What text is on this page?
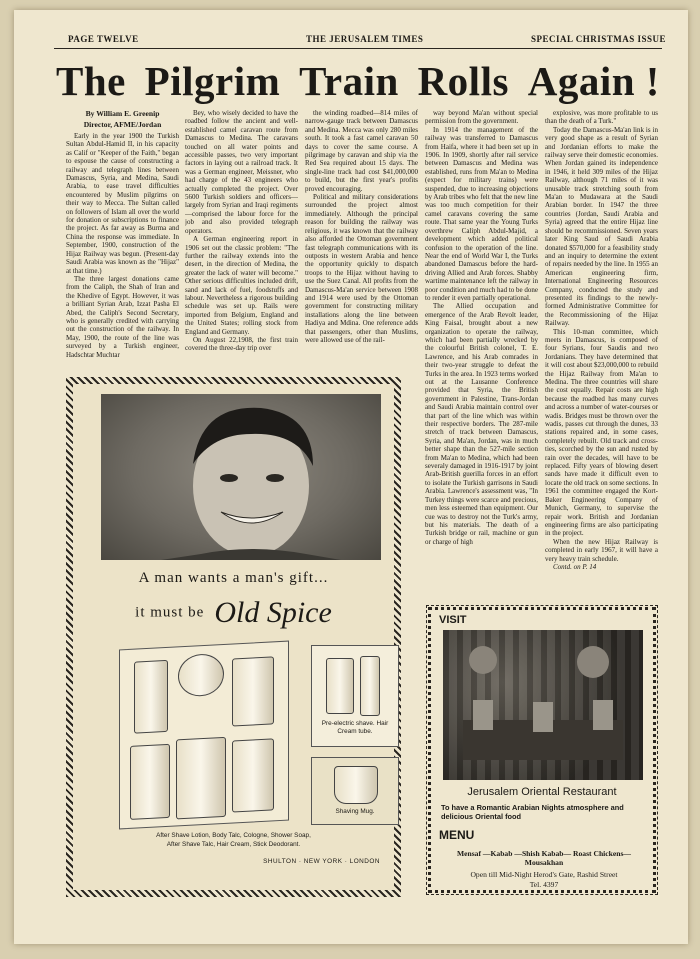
PAGE TWELVE	THE JERUSALEM TIMES	SPECIAL CHRISTMAS ISSUE
The Pilgrim Train Rolls Again !
By William E. Greenip
Director, AFME/Jordan

Early in the year 1900 the Turkish Sultan Abdul-Hamid II, in his capacity as Calif or "Keeper of the Faith," began to espouse the cause of constructing a railway and telegraph lines between Damascus, Syria, and Medina, Saudi Arabia, to ease travel difficulties encountered by Muslim pilgrims on their way to Mecca. The Sultan called on followers of Islam all over the world for donation or subscriptions to finance the project. As far away as Burma and China the response was immediate. In September, 1900, construction of the Hijaz Railway was begun. (Present-day Saudi Arabia was known as the "Hijaz" at that time.)

The three largest donations came from the Caliph, the Shah of Iran and the Khedive of Egypt. However, it was a brilliant Syrian Arab, Izzat Pasha El Abed, the Caliph's Second Secretary, who is generally credited with carrying out the construction of the railway. In May, 1900, the route of the line was surveyed by a Turkish engineer, Hadschtar Muchtar

Bey, who wisely decided to have the roadbed follow the ancient and well-established camel caravan route from Damascus to Medina. The caravans touched on all water points and accessible passes, two very important factors in laying out a railroad track. It was a German engineer, Meissner, who had charge of the 43 engineers who actually completed the project. Over 5600 Turkish soldiers and officers—largely from Syrian and Iraqi regiments—comprised the labour force for the job and also provided telegraph operators.

A German engineering report in 1906 set out the classic problem: "The further the railway extends into the desert, in the direction of Medina, the greater the lack of water will become." Other serious difficulties included drift, sand and lack of fuel, foodstuffs and labour. Nevertheless a rigorous building schedule was set up. Rails were imported from Belgium, England and the United States; rolling stock from England and Germany.

On August 22,1908, the first train covered the three-day trip over

the winding roadbed—814 miles of narrow-gauge track between Damascus and Medina. Mecca was only 280 miles south. It took a fast camel caravan 50 days to cover the same course. A pilgrimage by caravan and ship via the Red Sea required about 15 days. The single-line track had cost $41,000,000 to build, but the first year's profits proved encouraging.

Political and military considerations surrounded the project almost immediately. Although the principal reason for building the railway was religious, it was known that the railway also afforded the Ottoman government fast telegraph communications with its outposts in western Arabia and hence the opportunity quickly to dispatch troops to the Hijaz without having to use the Suez Canal. All profits from the Damascus-Ma'an service between 1908 and 1914 were used by the Ottoman government for constructing military installations along the line between Hadiya and Mdina. One reference adds that passengers, other than Muslims, were allowed use of the rail-

way beyond Ma'an without special permission from the government.

In 1914 the management of the railway was transferred to Damascus from Haifa, where it had been set up in 1906. In 1909, shortly after rail service between Damascus and Medina was established, runs from Ma'an to Medina (expect for military trains) were suspended, due to increasing objections by Arab tribes who felt that the new line was too much competition for their camel caravans covering the same route. That same year the Young Turks overthrew Caliph Abdul-Majid, a development which added political confusion to the operation of the line. Near the end of World War I, the Turks abandoned Damascus before the hard-driving Allied and Arab forces. Shabby wartime maintenance left the railway in poor condition and much had to be done to render it even partially operational.

The Allied occupation and emergence of the Arab Revolt leader, King Faisal, brought about a new organization to operate the railway, which had been partially wrecked by the colourful British colonel, T. E. Lawrence, and his Arab comrades in their two-year struggle to defeat the Turks in the area. In 1923 terms worked out at the Lausanne Conference provided that Syria, the British government in Palestine, Trans-Jordan and Saudi Arabia maintain control over that part of the line which was within their respective borders. The 287-mile stretch of track between Damascus, Syria, and Ma'an, Jordan, was in much better shape than the 527-mile section from Ma'an to Medina, which had been severaly damaged in 1916-1917 by joint Arab-British guerilla forces in an effort to isolate the Turkish garrisons in Saudi Arabia. Lawrence's assessment was, "In Turkey things were scarce and precious, men less esteemed than equipment. Our cue was to destroy not the Turk's army, but his materials. The death of a Turkish bridge or rail, machine or gun or charge of high

explosive, was more profitable to us than the death of a Turk."

Today the Damascus-Ma'an link is in very good shape as a result of Syrian and Jordanian efforts to make the railway serve their domestic economies. When Jordan gained its independence in 1946, it held 309 miles of the Hijaz Railway, although 71 miles of it was unusable track stretching south from Ma'an to Mudawara at the Saudi Arabian border. In 1947 the three countries (Jordan, Saudi Arabia and Syria) agreed that the entire Hijaz line should be recommissioned. Seven years later King Saud of Saudi Arabia donated $570,000 for a feasibility study and an inquiry to determine the extent of repairs needed by the line. In 1955 an American engineering firm, International Engineering Resources Company, conducted the study and presented its findings to the newly-formed Administrative Committee for the Recommissioning of the Hijaz Railway.

This 10-man committee, which meets in Damascus, is composed of four Syrians, four Saudis and two Jordanians. They have determined that it will cost about $23,000,000 to rebuild the Hijaz Railway from Ma'an to Medina. The three countries will share the cost equally. Repair costs are high because the roadbed has many curves and across a number of water-courses or wadis. Bridges must be thrown over the wadis, passes cut through the dunes, 33 stations repaired and, in some cases, completely rebuilt. Old track and cross-ties, scorched by the sun and rusted by rain over the decades, will have to be replaced. Fifty years of blowing desert sands have made it difficult even to locate the old track on some sections. In 1961 the committee engaged the Kort-Baker Engineering Company of Munich, Germany, to supervise the repair work. British and Jordanian engineering firms are also participating in the project.

When the new Hijaz Railway is completed in early 1967, it will have a very heavy train schedule.

Contd. on P. 14

A man wants a man's gift...
it must be Old Spice
Pre-electric shave. Hair Cream tube.
Shaving Mug.
After Shave Lotion, Body Talc, Cologne, Shower Soap,
After Shave Talc, Hair Cream, Stick Deodorant.
SHULTON · NEW YORK · LONDON
VISIT
Jerusalem Oriental Restaurant
To have a Romantic Arabian Nights atmosphere and delicious Oriental food
MENU
Mensaf —Kabab —Shish Kabab— Roast Chickens— Mousakhan
Open till Mid-Night Herod's Gate, Rashid Street
Tel. 4397
